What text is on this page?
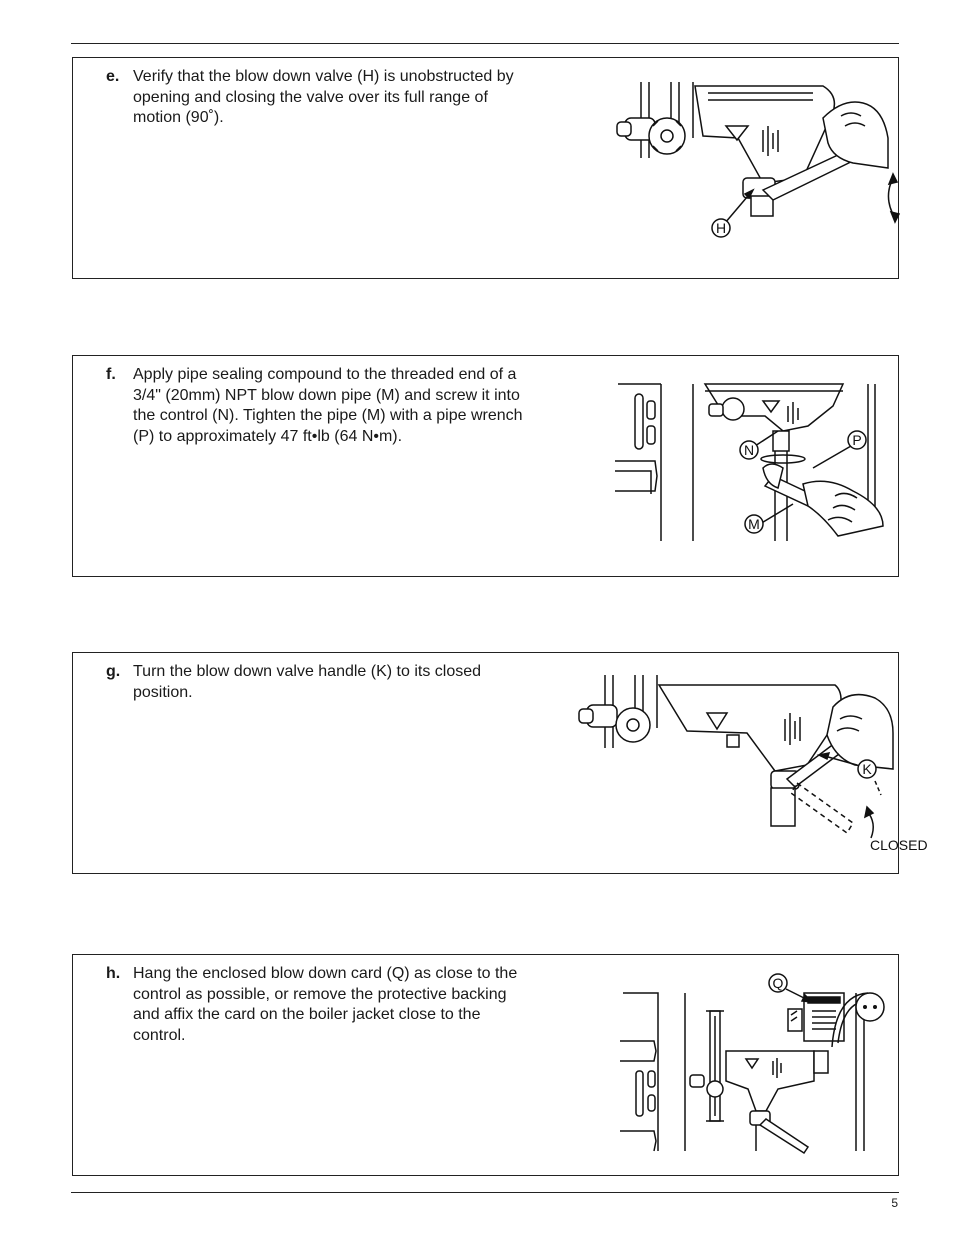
e. Verify that the blow down valve (H) is unobstructed by opening and closing the valve over its full range of motion (90˚).
H
f. Apply pipe sealing compound to the threaded end of a 3/4" (20mm) NPT blow down pipe (M) and screw it into the control (N). Tighten the pipe (M) with a pipe wrench (P) to approximately 47 ft•lb (64 N•m).
N
P
M
g. Turn the blow down valve handle (K) to its closed position.
K
CLOSED
h. Hang the enclosed blow down card (Q) as close to the control as possible, or remove the protective backing and affix the card on the boiler jacket close to the control.
Q
5
